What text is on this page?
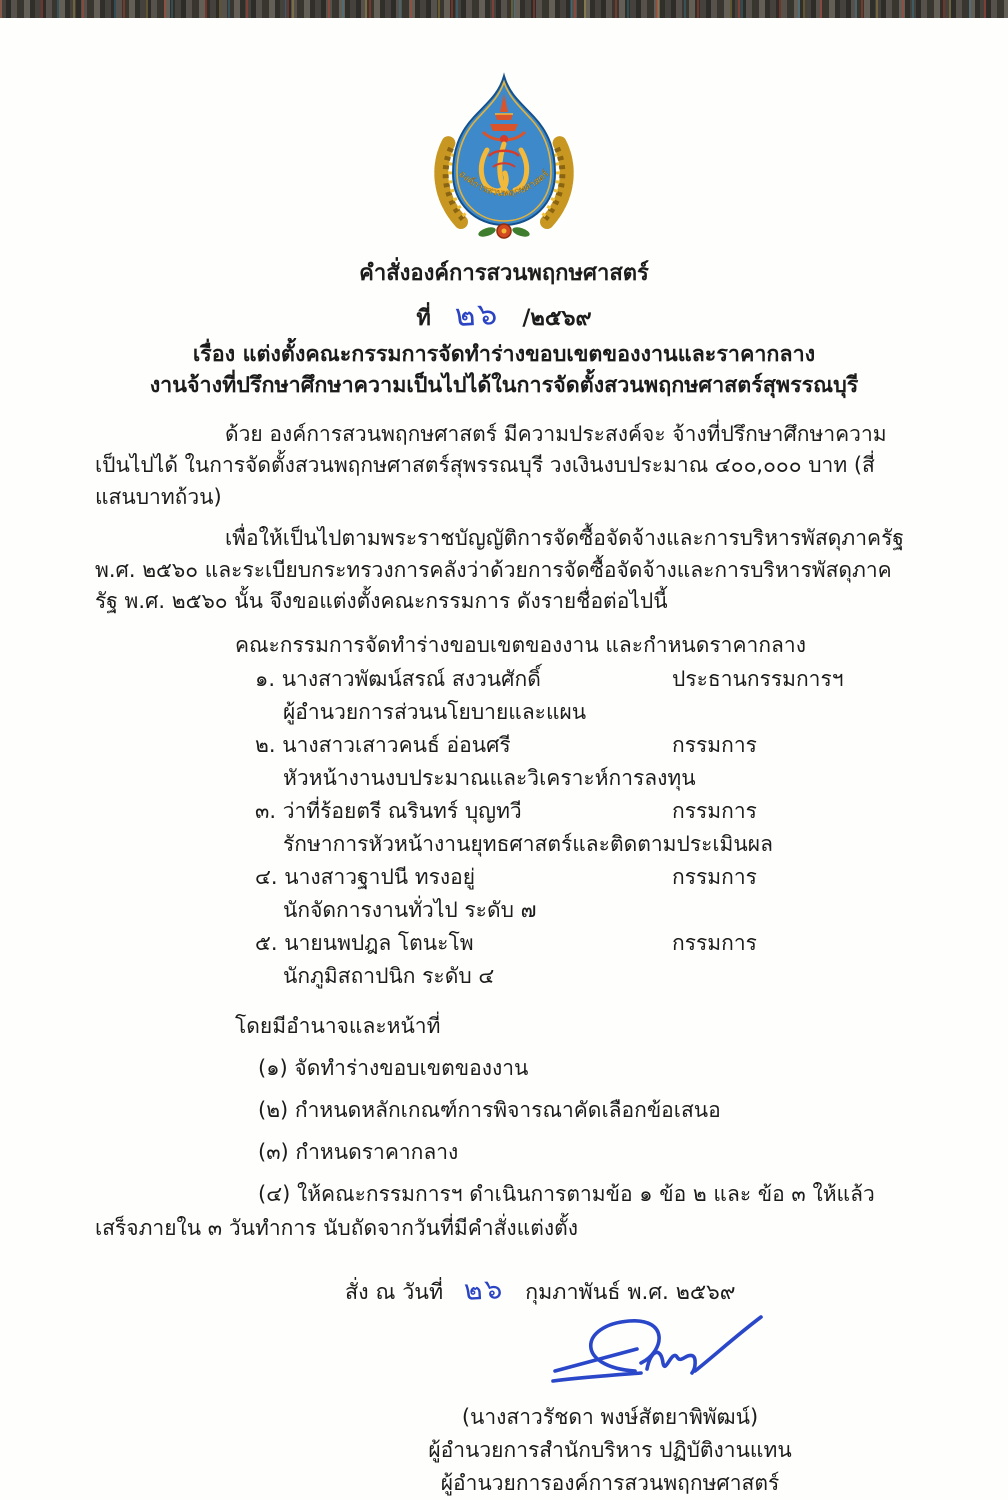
องค์การสวนพฤกษศาสตร์
คำสั่งองค์การสวนพฤกษศาสตร์
ที่ ๒๖ /๒๕๖๙
เรื่อง แต่งตั้งคณะกรรมการจัดทำร่างขอบเขตของงานและราคากลาง
งานจ้างที่ปรึกษาศึกษาความเป็นไปได้ในการจัดตั้งสวนพฤกษศาสตร์สุพรรณบุรี

ด้วย องค์การสวนพฤกษศาสตร์ มีความประสงค์จะ จ้างที่ปรึกษาศึกษาความเป็นไปได้ ในการจัดตั้งสวนพฤกษศาสตร์สุพรรณบุรี วงเงินงบประมาณ ๔๐๐,๐๐๐ บาท (สี่แสนบาทถ้วน)

เพื่อให้เป็นไปตามพระราชบัญญัติการจัดซื้อจัดจ้างและการบริหารพัสดุภาครัฐ พ.ศ. ๒๕๖๐ และระเบียบกระทรวงการคลังว่าด้วยการจัดซื้อจัดจ้างและการบริหารพัสดุภาครัฐ พ.ศ. ๒๕๖๐ นั้น จึงขอแต่งตั้งคณะกรรมการ ดังรายชื่อต่อไปนี้

คณะกรรมการจัดทำร่างขอบเขตของงาน และกำหนดราคากลาง
๑. นางสาวพัฒน์สรณ์ สงวนศักดิ์	ประธานกรรมการฯ
ผู้อำนวยการส่วนนโยบายและแผน
๒. นางสาวเสาวคนธ์ อ่อนศรี	กรรมการ
หัวหน้างานงบประมาณและวิเคราะห์การลงทุน
๓. ว่าที่ร้อยตรี ณรินทร์ บุญทวี	กรรมการ
รักษาการหัวหน้างานยุทธศาสตร์และติดตามประเมินผล
๔. นางสาวฐาปนี ทรงอยู่	กรรมการ
นักจัดการงานทั่วไป ระดับ ๗
๕. นายนพปฎล โตนะโพ	กรรมการ
นักภูมิสถาปนิก ระดับ ๔
โดยมีอำนาจและหน้าที่
(๑) จัดทำร่างขอบเขตของงาน
(๒) กำหนดหลักเกณฑ์การพิจารณาคัดเลือกข้อเสนอ
(๓) กำหนดราคากลาง

(๔) ให้คณะกรรมการฯ ดำเนินการตามข้อ ๑ ข้อ ๒ และ ข้อ ๓ ให้แล้วเสร็จภายใน ๓ วันทำการ นับถัดจากวันที่มีคำสั่งแต่งตั้ง

สั่ง ณ วันที่ ๒๖ กุมภาพันธ์ พ.ศ. ๒๕๖๙
(นางสาวรัชดา พงษ์สัตยาพิพัฒน์)
ผู้อำนวยการสำนักบริหาร ปฏิบัติงานแทน
ผู้อำนวยการองค์การสวนพฤกษศาสตร์
